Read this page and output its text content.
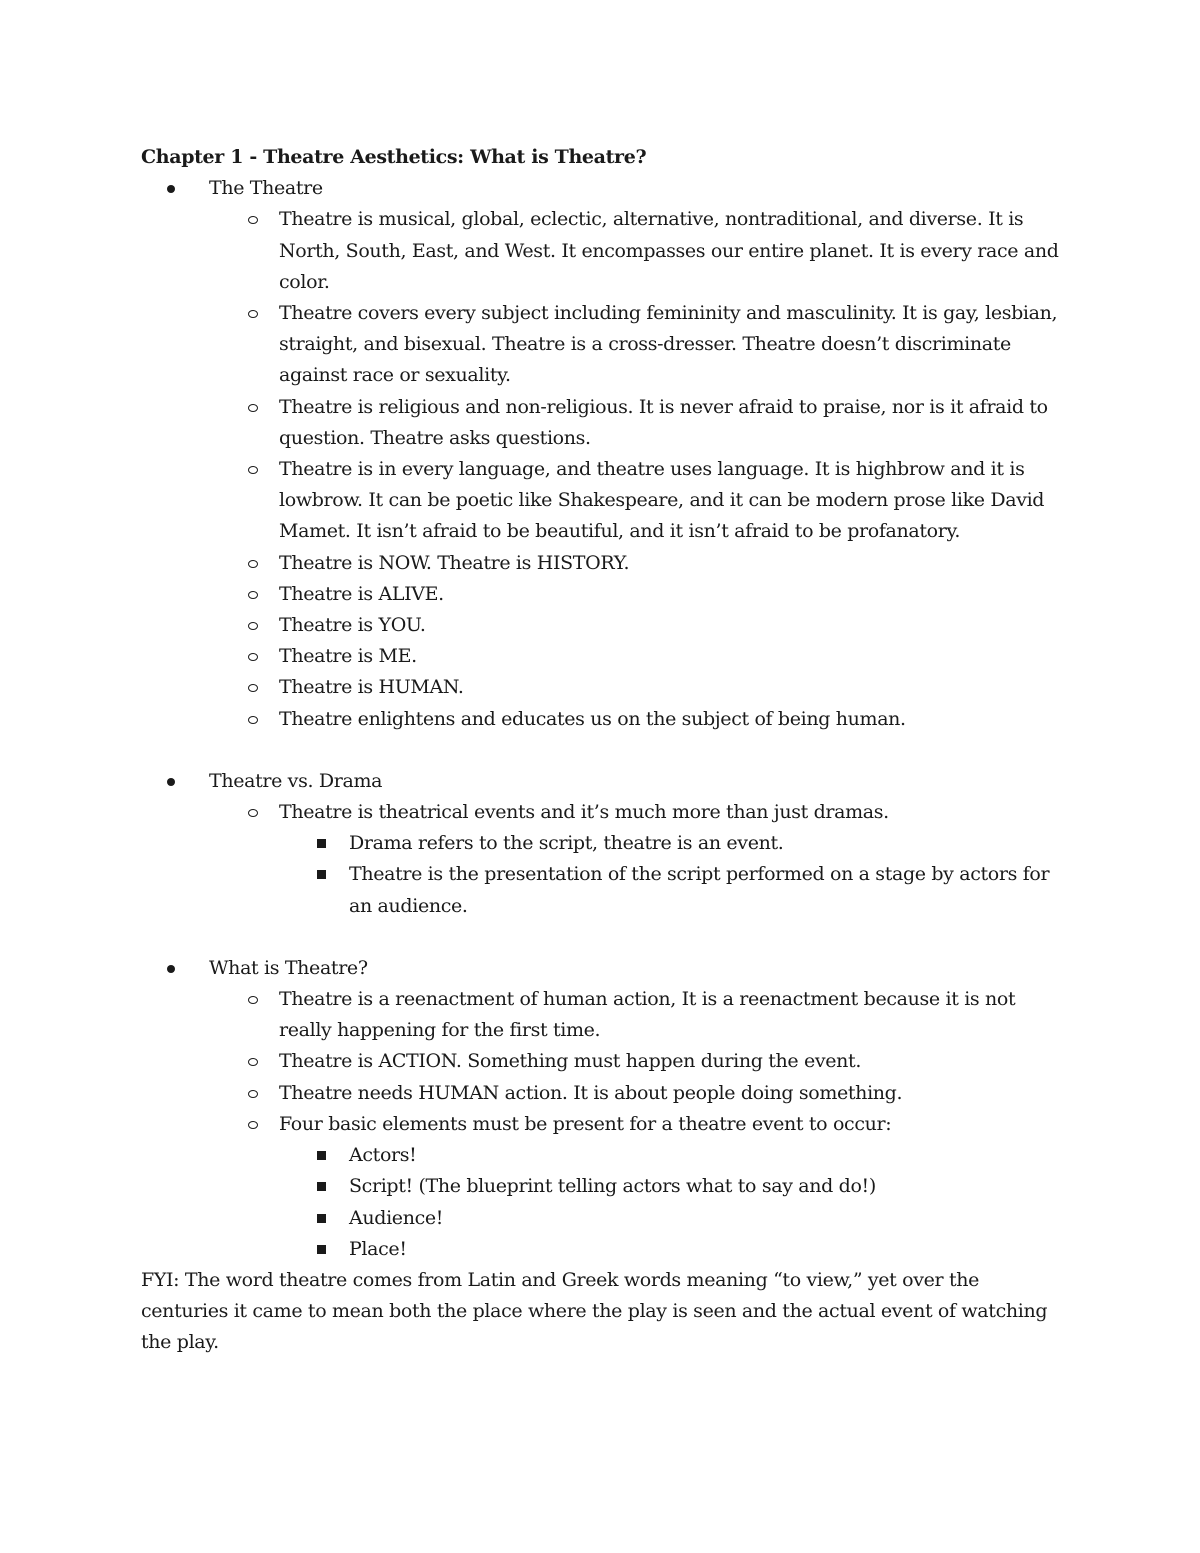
Chapter 1 - Theatre Aesthetics: What is Theatre?

The Theatre
Theatre is musical, global, eclectic, alternative, nontraditional, and diverse. It is North, South, East, and West. It encompasses our entire planet. It is every race and color.
Theatre covers every subject including femininity and masculinity. It is gay, lesbian, straight, and bisexual. Theatre is a cross-dresser. Theatre doesn’t discriminate against race or sexuality.
Theatre is religious and non-religious. It is never afraid to praise, nor is it afraid to question. Theatre asks questions.
Theatre is in every language, and theatre uses language. It is highbrow and it is lowbrow. It can be poetic like Shakespeare, and it can be modern prose like David Mamet. It isn’t afraid to be beautiful, and it isn’t afraid to be profanatory.
Theatre is NOW. Theatre is HISTORY.
Theatre is ALIVE.
Theatre is YOU.
Theatre is ME.
Theatre is HUMAN.
Theatre enlightens and educates us on the subject of being human.
Theatre vs. Drama
Theatre is theatrical events and it’s much more than just dramas.
Drama refers to the script, theatre is an event.
Theatre is the presentation of the script performed on a stage by actors for an audience.
What is Theatre?
Theatre is a reenactment of human action, It is a reenactment because it is not really happening for the first time.
Theatre is ACTION. Something must happen during the event.
Theatre needs HUMAN action. It is about people doing something.
Four basic elements must be present for a theatre event to occur:
Actors!
Script! (The blueprint telling actors what to say and do!)
Audience!
Place!

FYI: The word theatre comes from Latin and Greek words meaning “to view,” yet over the centuries it came to mean both the place where the play is seen and the actual event of watching the play.
